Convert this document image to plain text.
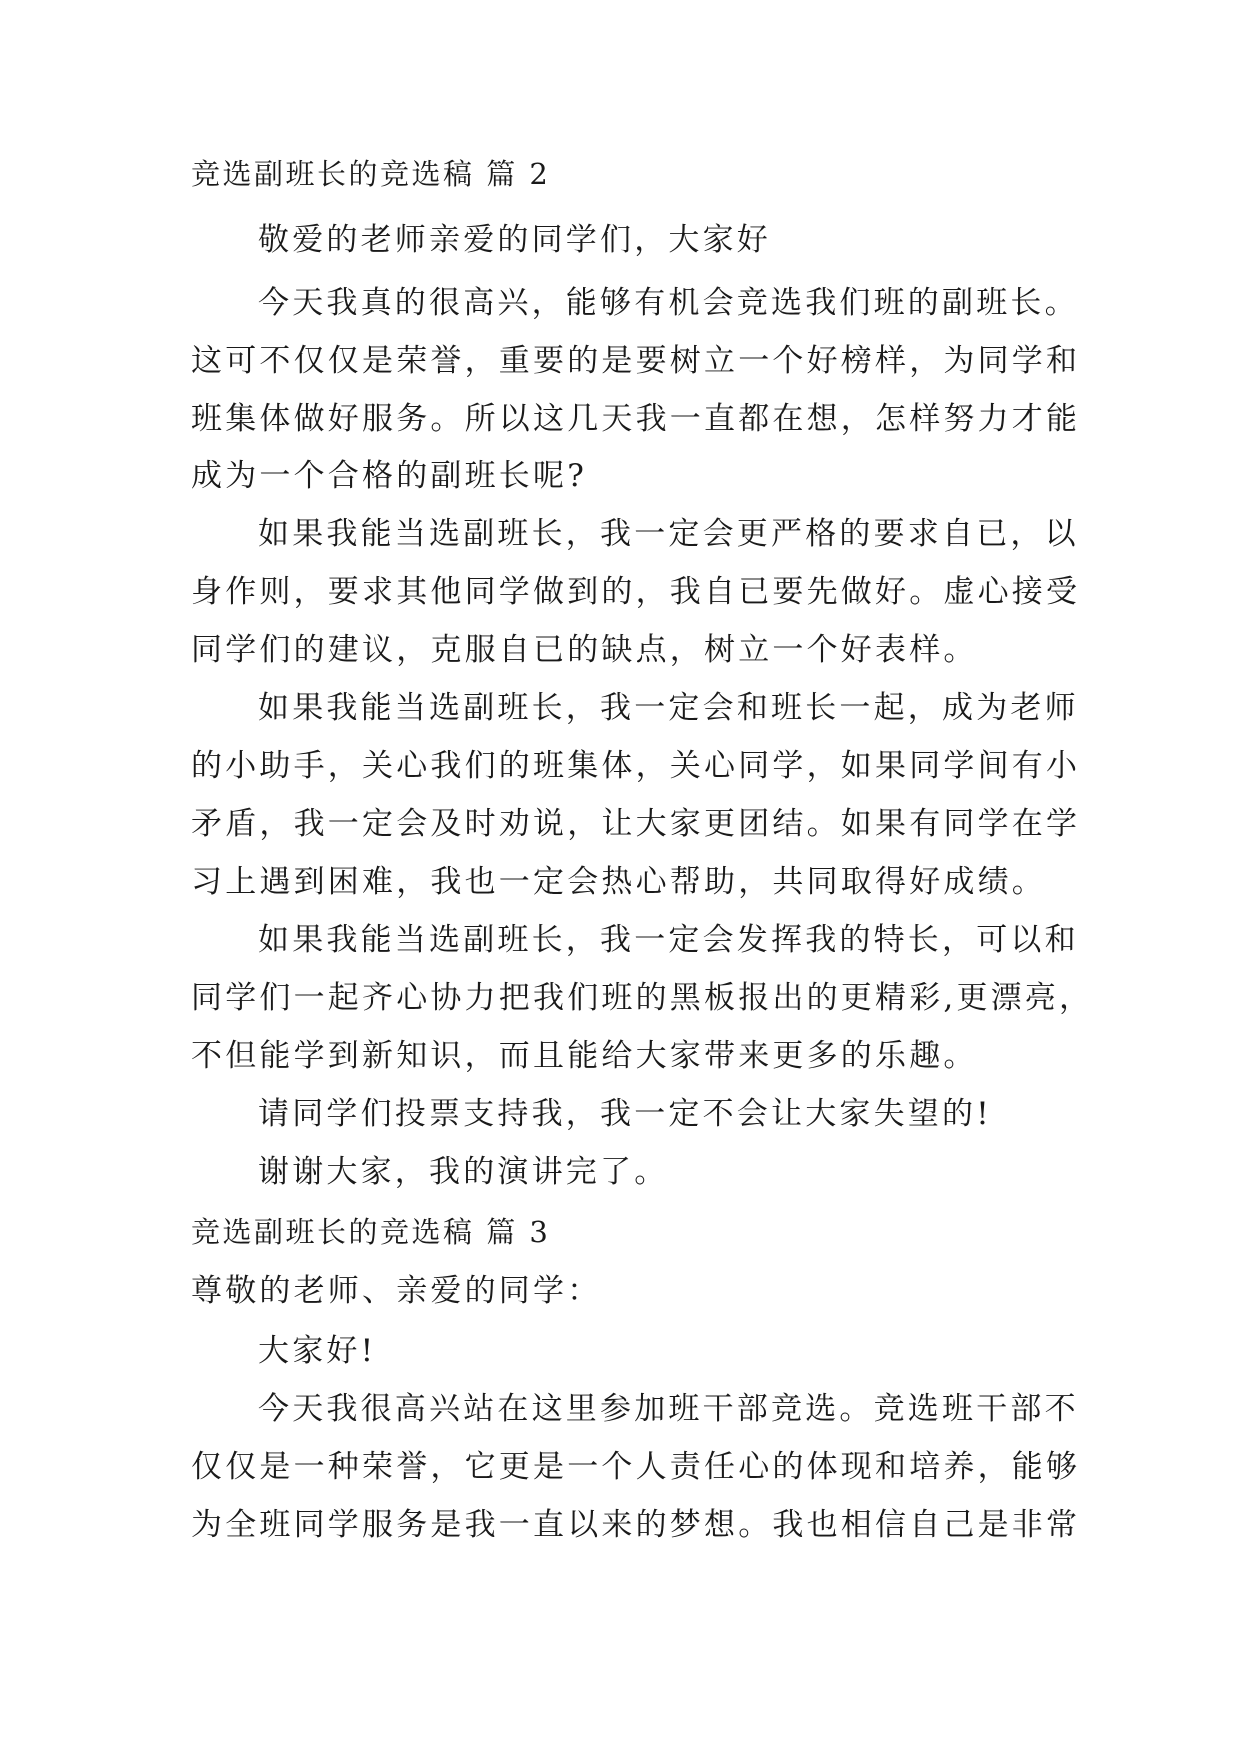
竞选副班长的竞选稿 篇 2
敬爱的老师亲爱的同学们，大家好
今天我真的很高兴，能够有机会竞选我们班的副班长。
这可不仅仅是荣誉，重要的是要树立一个好榜样，为同学和
班集体做好服务。所以这几天我一直都在想，怎样努力才能
成为一个合格的副班长呢?
如果我能当选副班长，我一定会更严格的要求自已，以
身作则，要求其他同学做到的，我自已要先做好。虚心接受
同学们的建议，克服自已的缺点，树立一个好表样。
如果我能当选副班长，我一定会和班长一起，成为老师
的小助手，关心我们的班集体，关心同学，如果同学间有小
矛盾，我一定会及时劝说，让大家更团结。如果有同学在学
习上遇到困难，我也一定会热心帮助，共同取得好成绩。
如果我能当选副班长，我一定会发挥我的特长，可以和
同学们一起齐心协力把我们班的黑板报出的更精彩,更漂亮，
不但能学到新知识，而且能给大家带来更多的乐趣。
请同学们投票支持我，我一定不会让大家失望的!
谢谢大家，我的演讲完了。
竞选副班长的竞选稿 篇 3
尊敬的老师、亲爱的同学：
大家好!
今天我很高兴站在这里参加班干部竞选。竞选班干部不
仅仅是一种荣誉，它更是一个人责任心的体现和培养，能够
为全班同学服务是我一直以来的梦想。我也相信自己是非常
